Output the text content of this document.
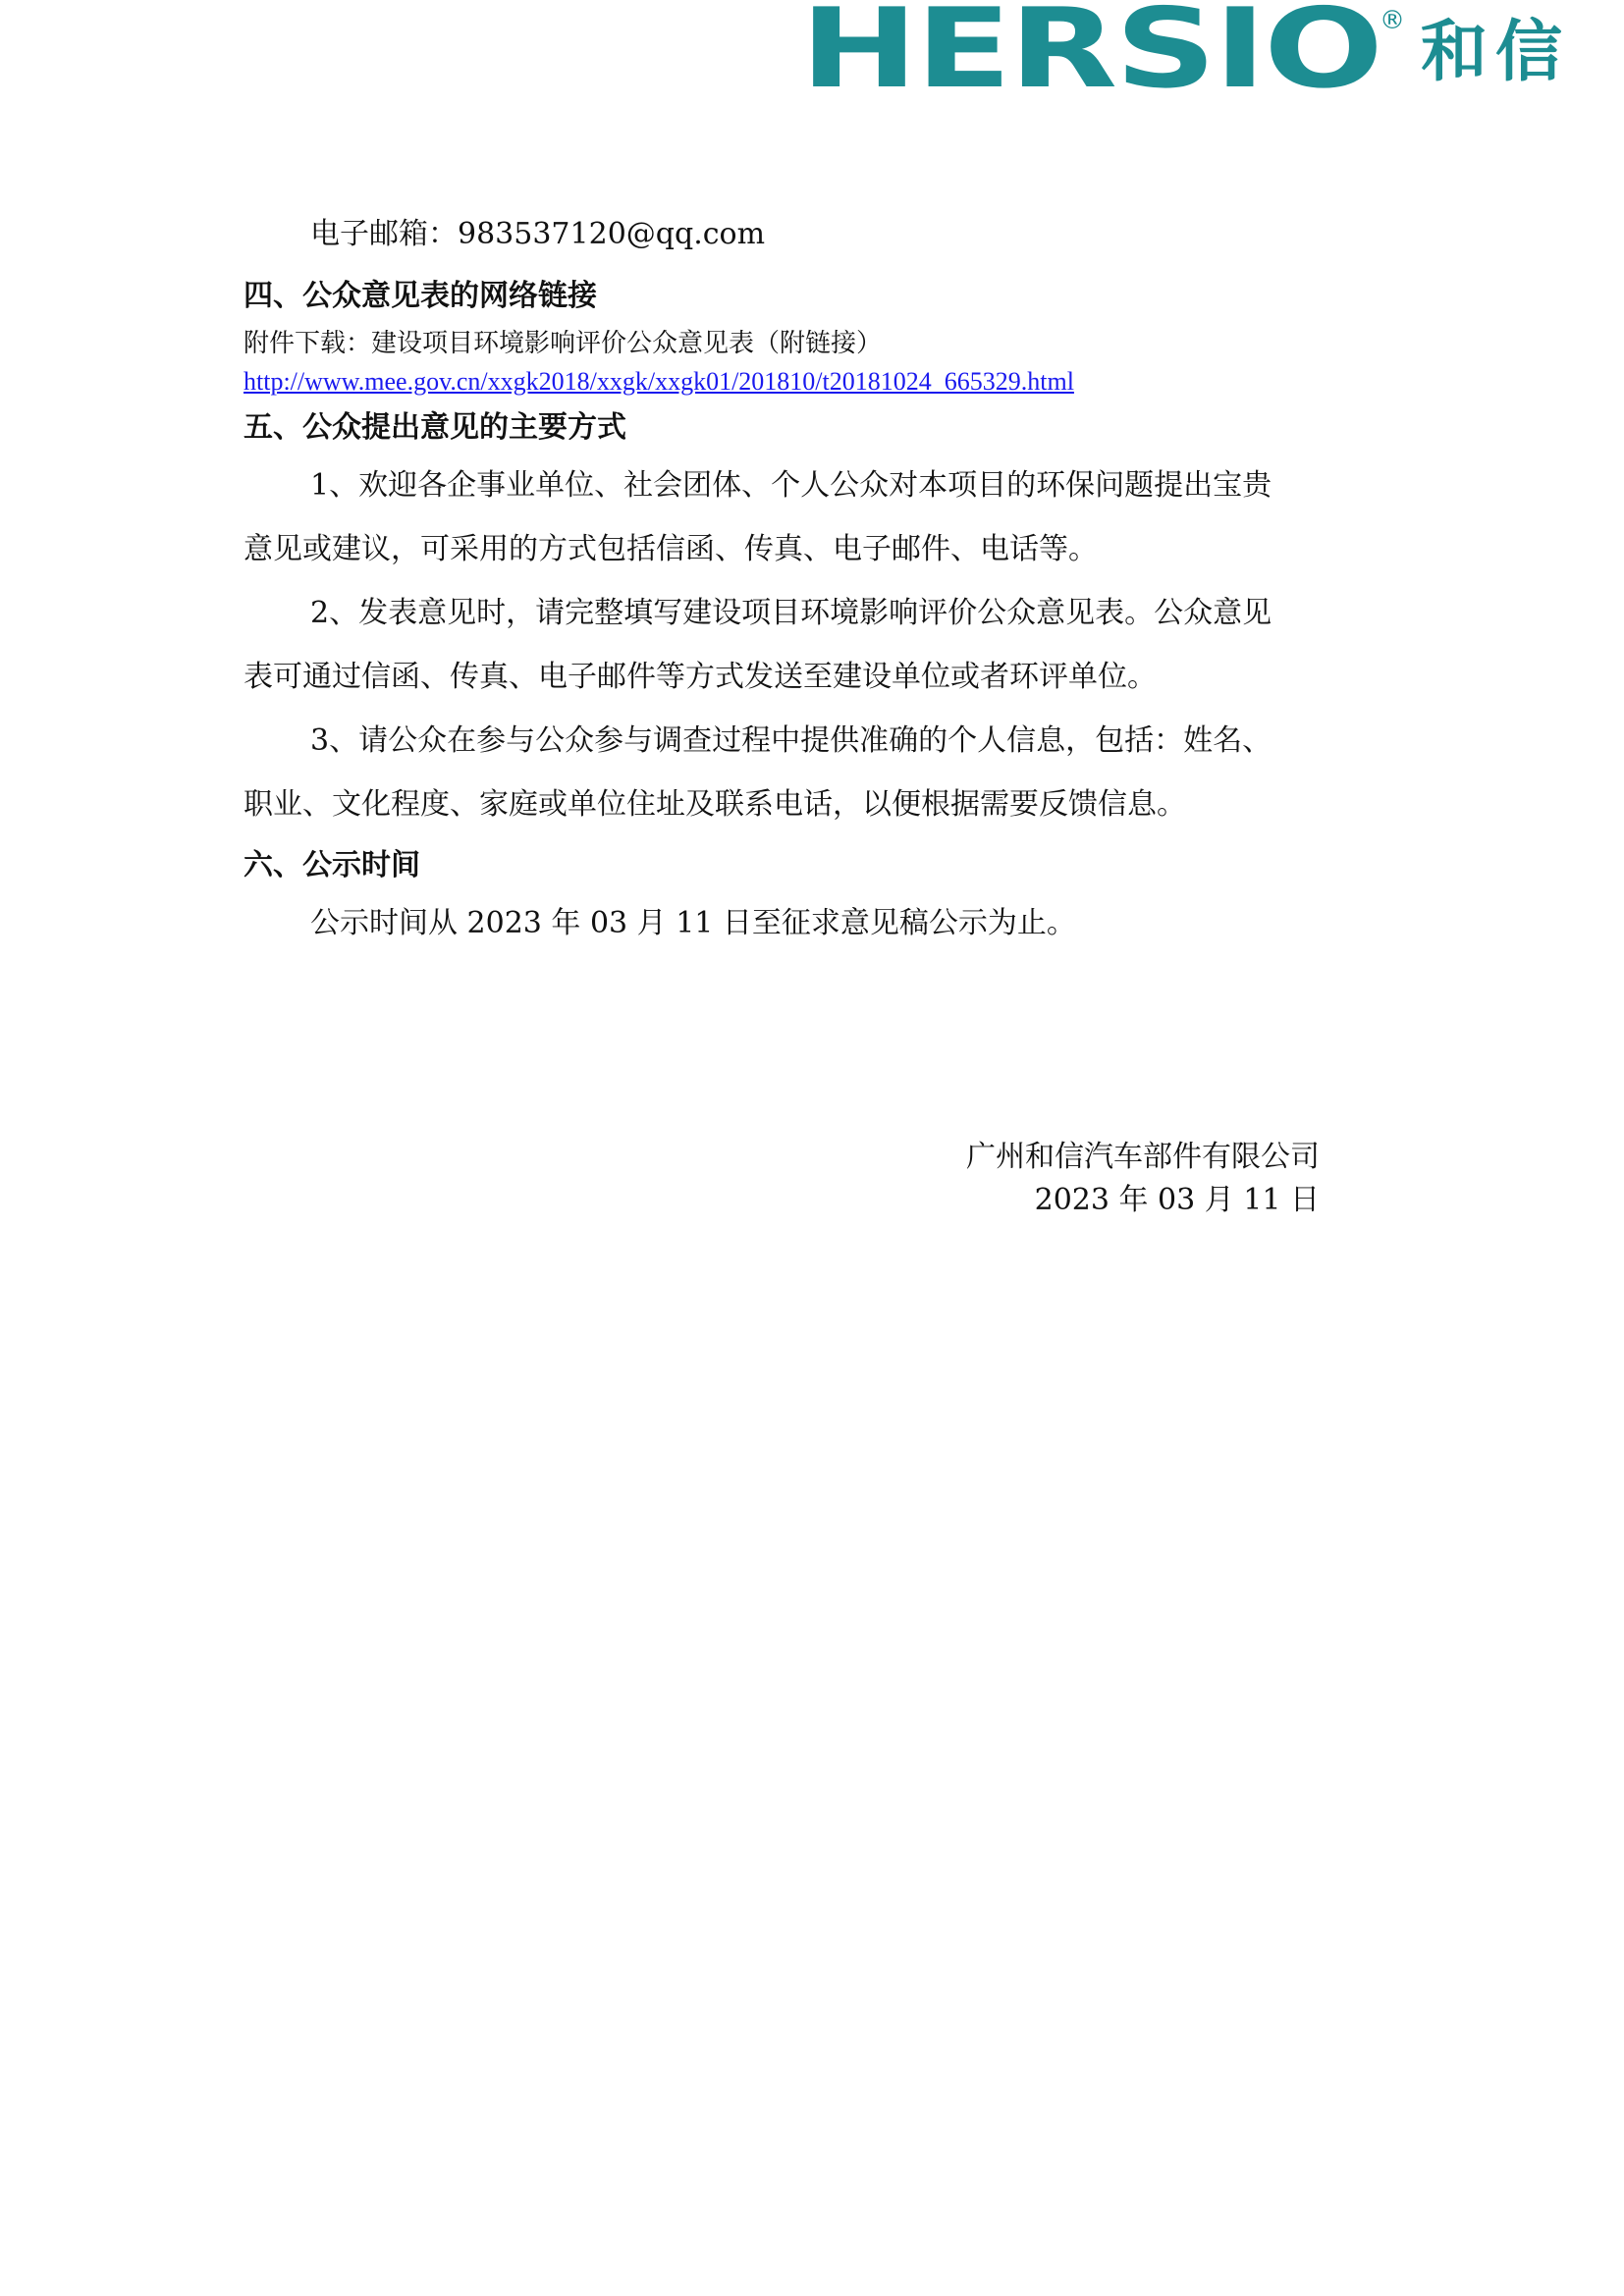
HERSIO
® 和信
电子邮箱：983537120@qq.com
四、公众意见表的网络链接
附件下载：建设项目环境影响评价公众意见表（附链接）
http://www.mee.gov.cn/xxgk2018/xxgk/xxgk01/201810/t20181024_665329.html
五、公众提出意见的主要方式
1、欢迎各企事业单位、社会团体、个人公众对本项目的环保问题提出宝贵
意见或建议，可采用的方式包括信函、传真、电子邮件、电话等。
2、发表意见时，请完整填写建设项目环境影响评价公众意见表。公众意见
表可通过信函、传真、电子邮件等方式发送至建设单位或者环评单位。
3、请公众在参与公众参与调查过程中提供准确的个人信息，包括：姓名、
职业、文化程度、家庭或单位住址及联系电话，以便根据需要反馈信息。
六、公示时间
公示时间从 2023 年 03 月 11 日至征求意见稿公示为止。
广州和信汽车部件有限公司
2023 年 03 月 11 日
